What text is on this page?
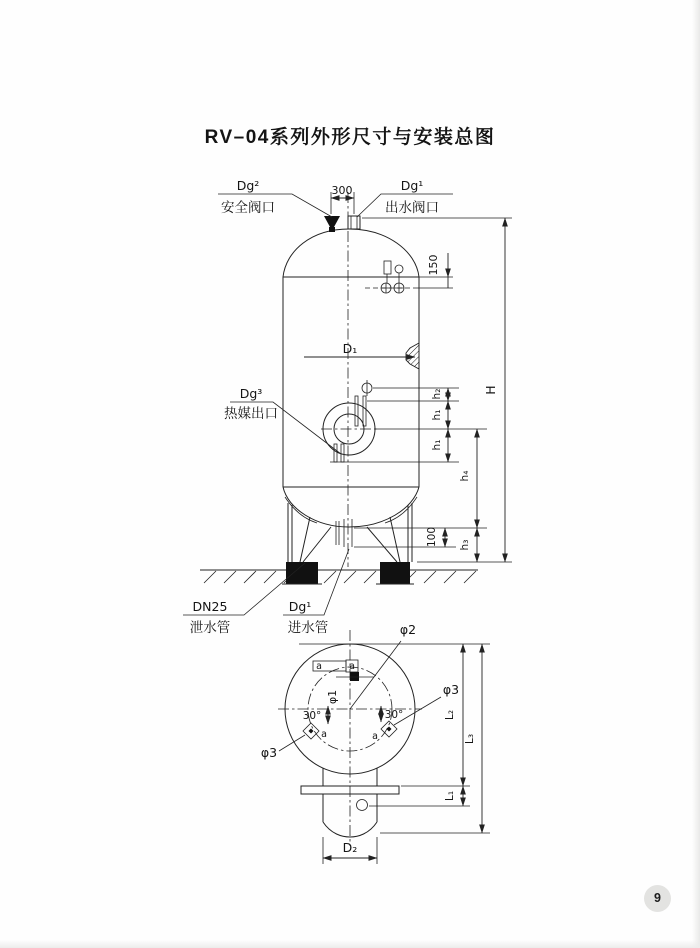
RV–04系列外形尺寸与安装总图
300
Dg²
安全阀口
Dg¹
出水阀口
150
D₁
Dg³
热媒出口
h₂
h₁
h₁
h₄
100 h₃
H
DN25
泄水管
Dg¹
进水管
a	a
φ1
φ2
30°
a
30°
a
φ3
φ3
L₂
L₁
L₃
D₂
9
